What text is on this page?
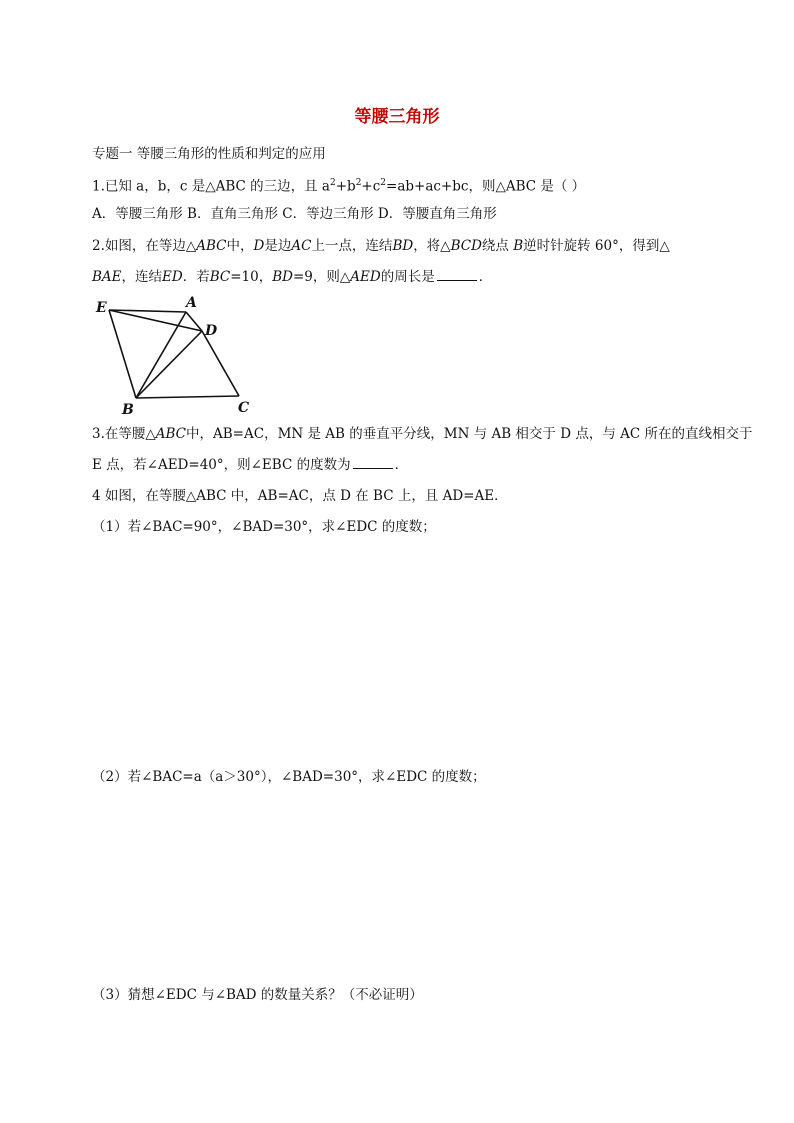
等腰三角形
专题一 等腰三角形的性质和判定的应用
1.已知 a，b，c 是△ABC 的三边，且 $a^2+b^2+c^2=ab+ac+bc$，则△ABC 是（ ）
A．等腰三角形 B．直角三角形 C．等边三角形 D．等腰直角三角形
2.如图，在等边△ABC中，D是边AC上一点，连结BD，将△BCD绕点 B逆时针旋转 60°，得到△
BAE，连结ED．若BC=10，BD=9，则△AED的周长是	．
E	A
D
B	C
3.在等腰△ABC中，AB=AC，MN 是 AB 的垂直平分线，MN 与 AB 相交于 D 点，与 AC 所在的直线相交于
E 点，若∠AED=40°，则∠EBC 的度数为	．
4 如图，在等腰△ABC 中，AB=AC，点 D 在 BC 上，且 AD=AE．
（1）若∠BAC=90°，∠BAD=30°，求∠EDC 的度数；
（2）若∠BAC=a（a＞30°），∠BAD=30°，求∠EDC 的度数；
（3）猜想∠EDC 与∠BAD 的数量关系？（不必证明）
